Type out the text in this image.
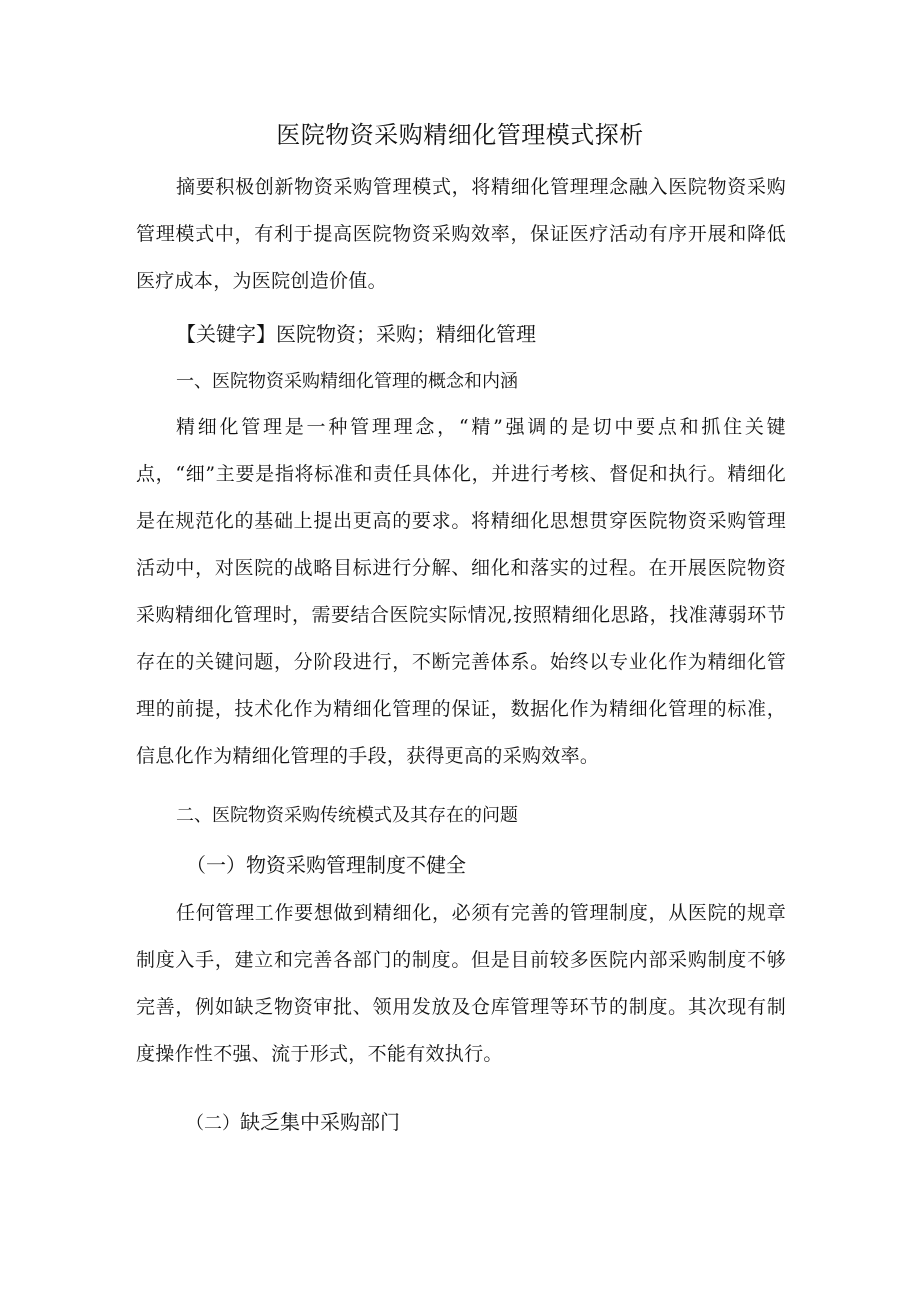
医院物资采购精细化管理模式探析

摘要积极创新物资采购管理模式，将精细化管理理念融入医院物资采购管理模式中，有利于提高医院物资采购效率，保证医疗活动有序开展和降低医疗成本，为医院创造价值。

【关键字】医院物资；采购；精细化管理

一、医院物资采购精细化管理的概念和内涵

精细化管理是一种管理理念，“精”强调的是切中要点和抓住关键点，“细”主要是指将标准和责任具体化，并进行考核、督促和执行。精细化是在规范化的基础上提出更高的要求。将精细化思想贯穿医院物资采购管理活动中，对医院的战略目标进行分解、细化和落实的过程。在开展医院物资采购精细化管理时，需要结合医院实际情况,按照精细化思路，找准薄弱环节存在的关键问题，分阶段进行，不断完善体系。始终以专业化作为精细化管理的前提，技术化作为精细化管理的保证，数据化作为精细化管理的标准，信息化作为精细化管理的手段，获得更高的采购效率。

二、医院物资采购传统模式及其存在的问题
（一）物资采购管理制度不健全

任何管理工作要想做到精细化，必须有完善的管理制度，从医院的规章制度入手，建立和完善各部门的制度。但是目前较多医院内部采购制度不够完善，例如缺乏物资审批、领用发放及仓库管理等环节的制度。其次现有制度操作性不强、流于形式，不能有效执行。

（二）缺乏集中采购部门
